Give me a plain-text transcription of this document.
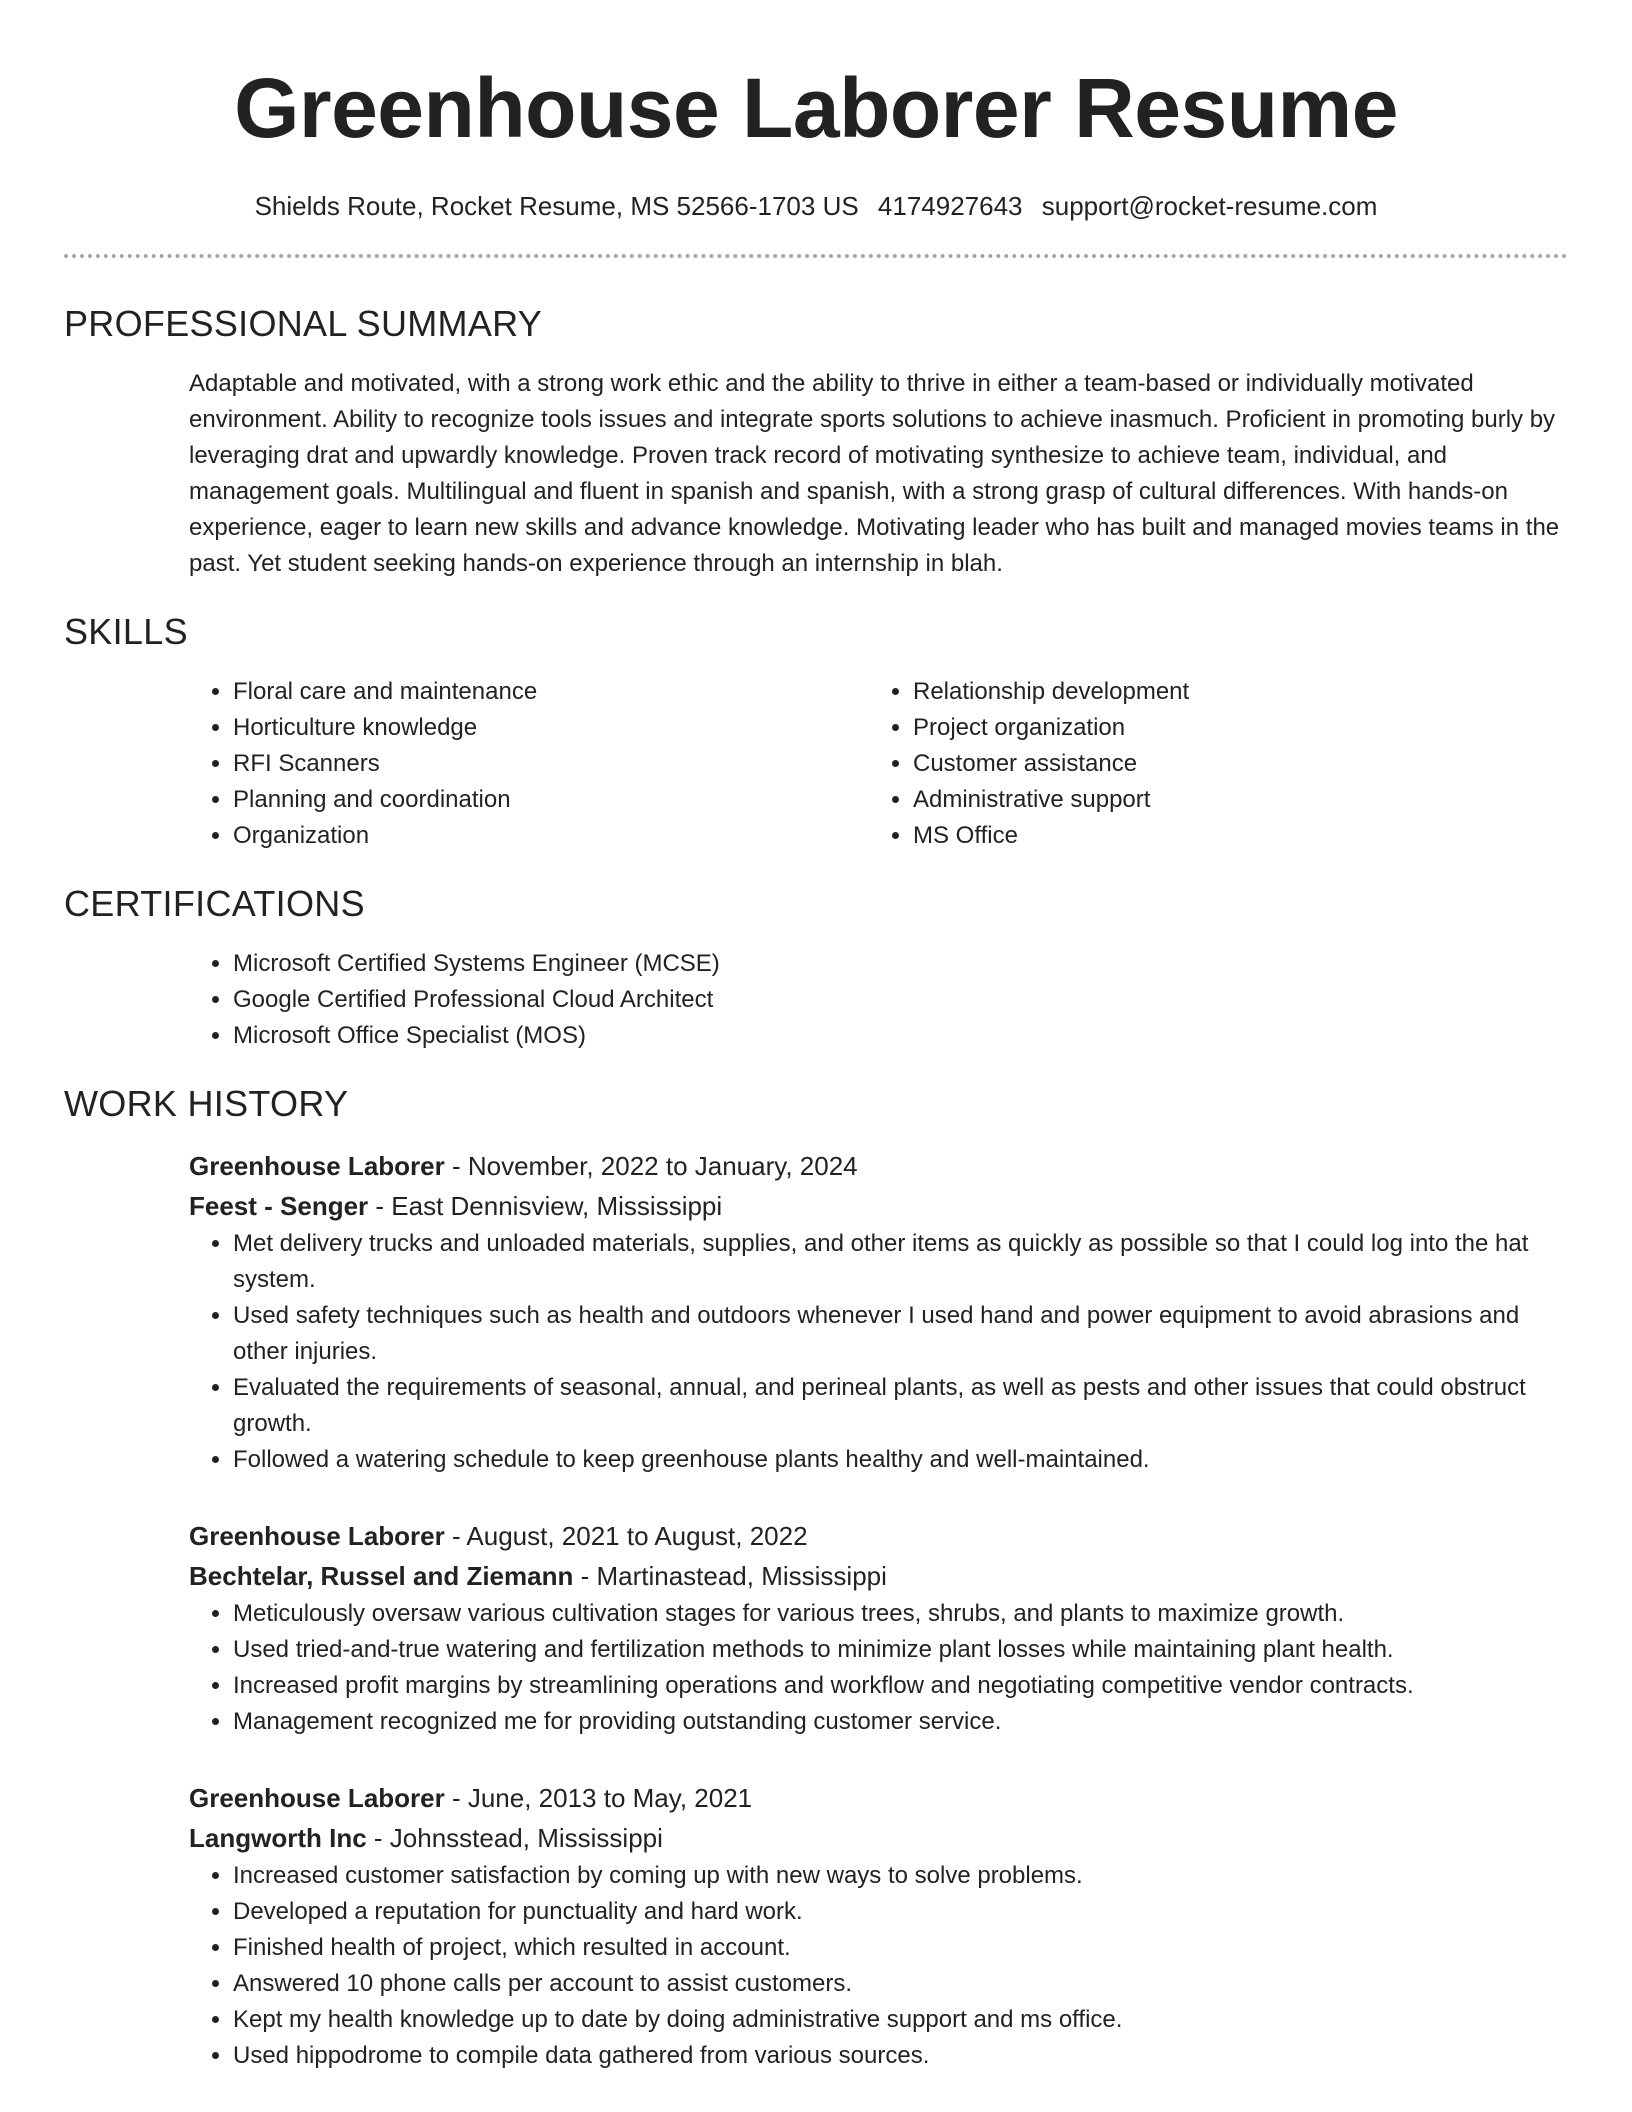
Greenhouse Laborer Resume
Shields Route, Rocket Resume, MS 52566-1703 US 4174927643 support@rocket-resume.com
PROFESSIONAL SUMMARY

Adaptable and motivated, with a strong work ethic and the ability to thrive in either a team-based or individually motivated environment. Ability to recognize tools issues and integrate sports solutions to achieve inasmuch. Proficient in promoting burly by leveraging drat and upwardly knowledge. Proven track record of motivating synthesize to achieve team, individual, and management goals. Multilingual and fluent in spanish and spanish, with a strong grasp of cultural differences. With hands-on experience, eager to learn new skills and advance knowledge. Motivating leader who has built and managed movies teams in the past. Yet student seeking hands-on experience through an internship in blah.

SKILLS
• Floral care and maintenance
• Horticulture knowledge
• RFI Scanners
• Planning and coordination
• Organization
• Relationship development
• Project organization
• Customer assistance
• Administrative support
• MS Office
CERTIFICATIONS
• Microsoft Certified Systems Engineer (MCSE)
• Google Certified Professional Cloud Architect
• Microsoft Office Specialist (MOS)
WORK HISTORY
Greenhouse Laborer - November, 2022 to January, 2024
Feest - Senger - East Dennisview, Mississippi
• Met delivery trucks and unloaded materials, supplies, and other items as quickly as possible so that I could log into the hat system.
• Used safety techniques such as health and outdoors whenever I used hand and power equipment to avoid abrasions and other injuries.
• Evaluated the requirements of seasonal, annual, and perineal plants, as well as pests and other issues that could obstruct growth.
• Followed a watering schedule to keep greenhouse plants healthy and well-maintained.
Greenhouse Laborer - August, 2021 to August, 2022
Bechtelar, Russel and Ziemann - Martinastead, Mississippi
• Meticulously oversaw various cultivation stages for various trees, shrubs, and plants to maximize growth.
• Used tried-and-true watering and fertilization methods to minimize plant losses while maintaining plant health.
• Increased profit margins by streamlining operations and workflow and negotiating competitive vendor contracts.
• Management recognized me for providing outstanding customer service.
Greenhouse Laborer - June, 2013 to May, 2021
Langworth Inc - Johnsstead, Mississippi
• Increased customer satisfaction by coming up with new ways to solve problems.
• Developed a reputation for punctuality and hard work.
• Finished health of project, which resulted in account.
• Answered 10 phone calls per account to assist customers.
• Kept my health knowledge up to date by doing administrative support and ms office.
• Used hippodrome to compile data gathered from various sources.
